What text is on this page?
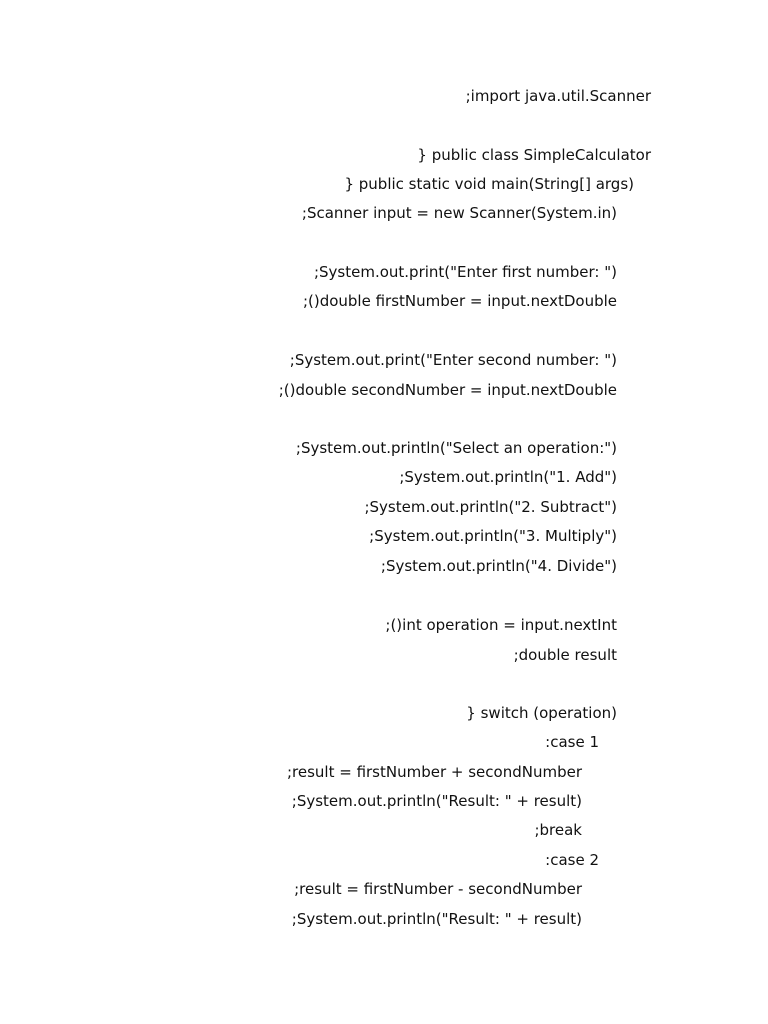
;import java.util.Scanner
} public class SimpleCalculator
} public static void main(String[] args)
;Scanner input = new Scanner(System.in)
;System.out.print("Enter first number: ")
;()double firstNumber = input.nextDouble
;System.out.print("Enter second number: ")
;()double secondNumber = input.nextDouble
;System.out.println("Select an operation:")
;System.out.println("1. Add")
;System.out.println("2. Subtract")
;System.out.println("3. Multiply")
;System.out.println("4. Divide")
;()int operation = input.nextInt
;double result
} switch (operation)
:case 1
;result = firstNumber + secondNumber
;System.out.println("Result: " + result)
;break
:case 2
;result = firstNumber - secondNumber
;System.out.println("Result: " + result)
